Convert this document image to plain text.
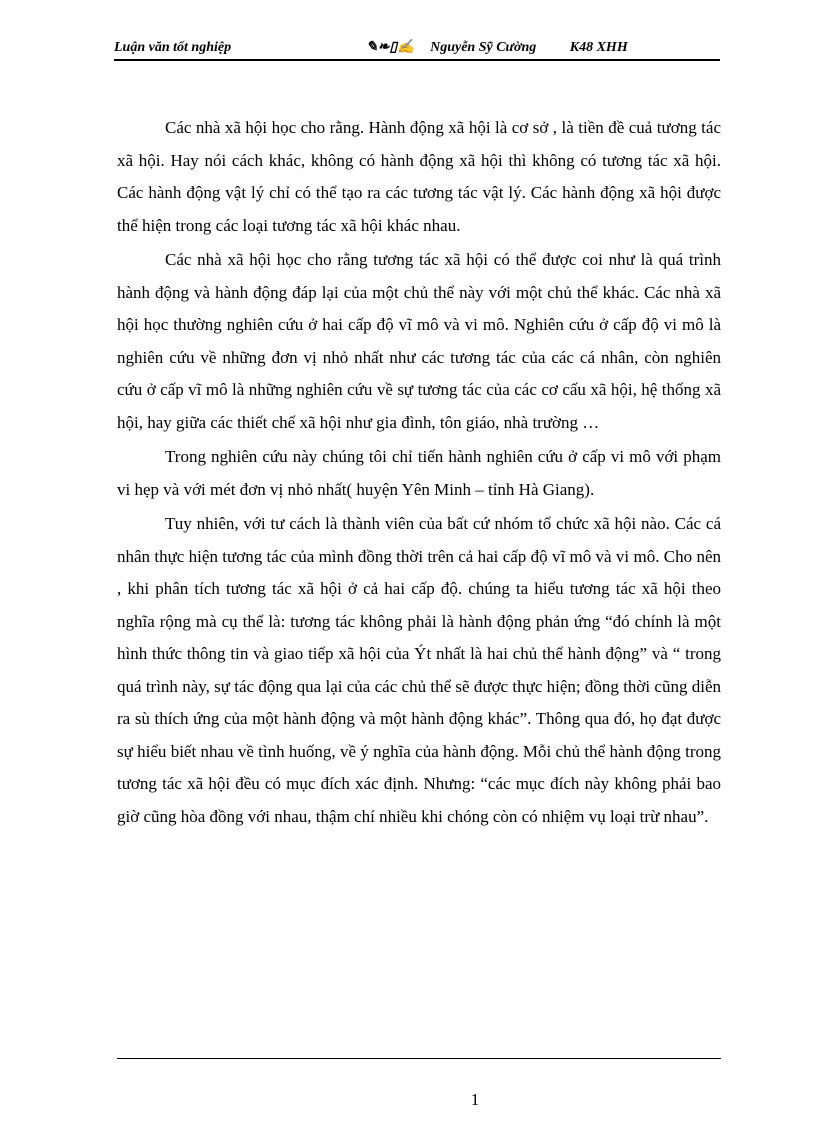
Luận văn tốt nghiệp	✎❧▯✍ Nguyễn Sỹ Cường K48 XHH

Các nhà xã hội học cho rằng. Hành động xã hội là cơ sở , là tiền đề cuả tương tác xã hội. Hay nói cách khác, không có hành động xã hội thì không có tương tác xã hội. Các hành động vật lý chỉ có thể tạo ra các tương tác vật lý. Các hành động xã hội được thể hiện trong các loại tương tác xã hội khác nhau.

Các nhà xã hội học cho rằng tương tác xã hội có thể được coi như là quá trình hành động và hành động đáp lại của một chủ thể này với một chủ thể khác. Các nhà xã hội học thường nghiên cứu ở hai cấp độ vĩ mô và vi mô. Nghiên cứu ở cấp độ vi mô là nghiên cứu về những đơn vị nhỏ nhất như các tương tác của các cá nhân, còn nghiên cứu ở cấp vĩ mô là những nghiên cứu về sự tương tác của các cơ cấu xã hội, hệ thống xã hội, hay giữa các thiết chế xã hội như gia đình, tôn giáo, nhà trường …

Trong nghiên cứu này chúng tôi chỉ tiến hành nghiên cứu ở cấp vi mô với phạm vi hẹp và với mét đơn vị nhỏ nhất( huyện Yên Minh – tỉnh Hà Giang).

Tuy nhiên, với tư cách là thành viên của bất cứ nhóm tổ chức xã hội nào. Các cá nhân thực hiện tương tác của mình đồng thời trên cả hai cấp độ vĩ mô và vi mô. Cho nên , khi phân tích tương tác xã hội ở cả hai cấp độ. chúng ta hiểu tương tác xã hội theo nghĩa rộng mà cụ thể là: tương tác không phải là hành động phản ứng “đó chính là một hình thức thông tin và giao tiếp xã hội của Ýt nhất là hai chủ thể hành động” và “ trong quá trình này, sự tác động qua lại của các chủ thể sẽ được thực hiện; đồng thời cũng diễn ra sù thích ứng của một hành động và một hành động khác”. Thông qua đó, họ đạt được sự hiểu biết nhau về tình huống, về ý nghĩa của hành động. Mỗi chủ thể hành động trong tương tác xã hội đều có mục đích xác định. Nhưng: “các mục đích này không phải bao giờ cũng hòa đồng với nhau, thậm chí nhiều khi chóng còn có nhiệm vụ loại trừ nhau”.

1
